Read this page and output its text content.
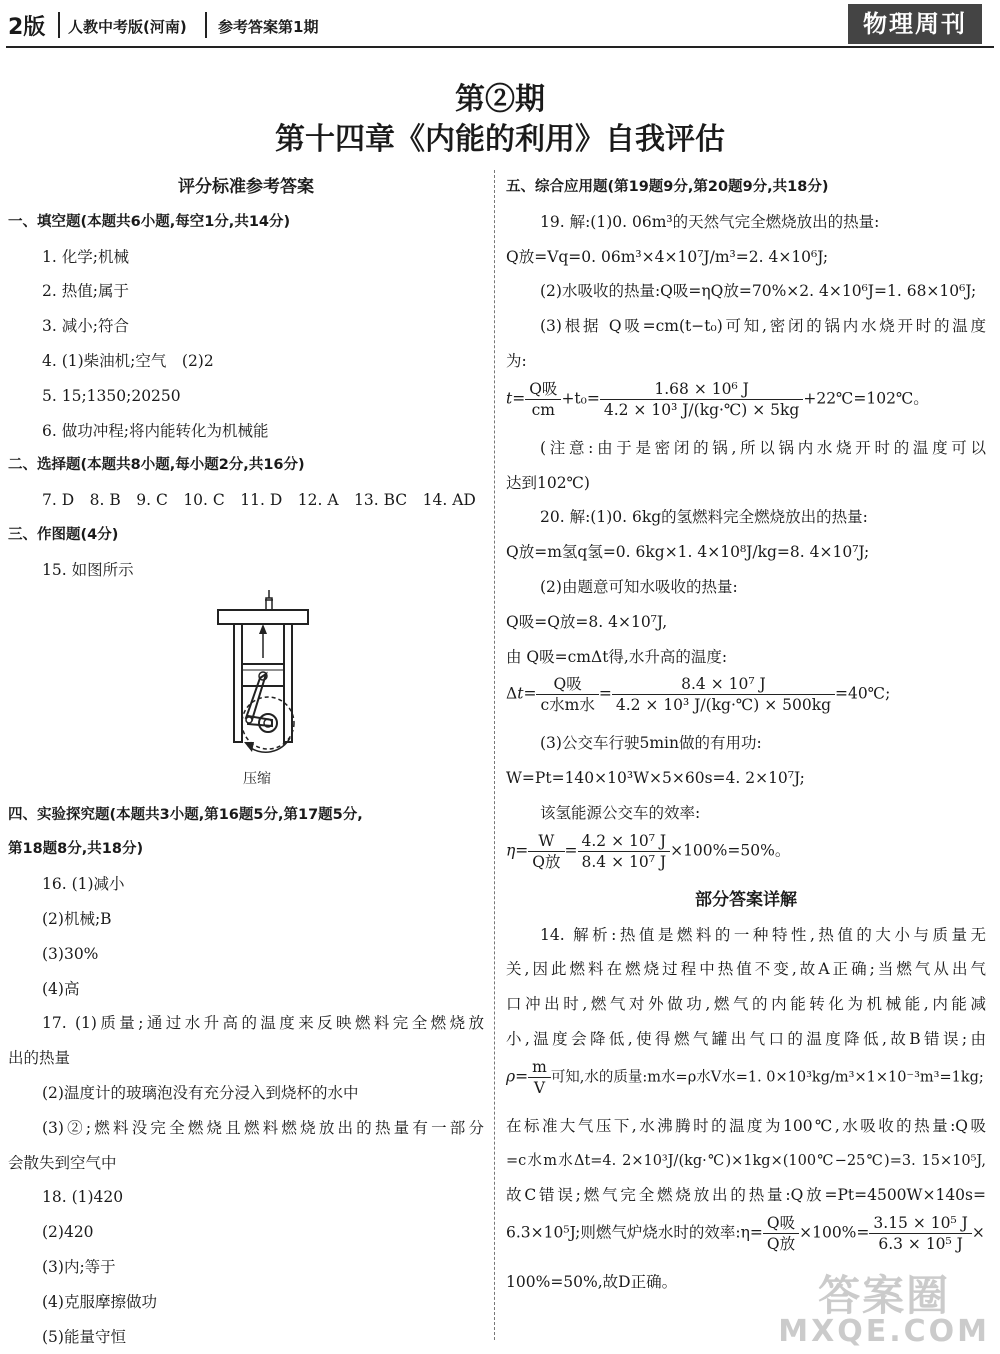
2版 人教中考版(河南) 参考答案第1期	物理周刊
第②期
第十四章《内能的利用》自我评估
评分标准参考答案
一、填空题(本题共6小题,每空1分,共14分)
1. 化学;机械
2. 热值;属于
3. 减小;符合
4. (1)柴油机;空气　(2)2
5. 15;1350;20250
6. 做功冲程;将内能转化为机械能
二、选择题(本题共8小题,每小题2分,共16分)
7. D　8. B　9. C　10. C　11. D　12. A　13. BC　14. AD
三、作图题(4分)
15. 如图所示
压缩
四、实验探究题(本题共3小题,第16题5分,第17题5分,
第18题8分,共18分)
16. (1)减小
(2)机械;B
(3)30%
(4)高
17. (1)质量;通过水升高的温度来反映燃料完全燃烧放
出的热量
(2)温度计的玻璃泡没有充分浸入到烧杯的水中
(3)②;燃料没完全燃烧且燃料燃烧放出的热量有一部分
会散失到空气中
18. (1)420
(2)420
(3)内;等于
(4)克服摩擦做功
(5)能量守恒
五、综合应用题(第19题9分,第20题9分,共18分)
19. 解:(1)0. 06m³的天然气完全燃烧放出的热量:
Q放=Vq=0. 06m³×4×10⁷J/m³=2. 4×10⁶J;
(2)水吸收的热量:Q吸=ηQ放=70%×2. 4×10⁶J=1. 68×10⁶J;
(3)根据 Q吸=cm(t−t₀)可知,密闭的锅内水烧开时的温度
为:
$t= \frac{\text{Q吸}}{cm} +t_0= \frac{\text{1.68 × 10⁶ J}}{\text{4.2 × 10³ J/(kg·℃) × 5kg}}$ +22℃=102℃。
(注意:由于是密闭的锅,所以锅内水烧开时的温度可以
达到102℃)
20. 解:(1)0. 6kg的氢燃料完全燃烧放出的热量:
Q放=m氢q氢=0. 6kg×1. 4×10⁸J/kg=8. 4×10⁷J;
(2)由题意可知水吸收的热量:
Q吸=Q放=8. 4×10⁷J,
由 Q吸=cmΔt得,水升高的温度:
$\Delta t= \frac{\text{Q吸}}{\text{c水m水}} = \frac{\text{8.4 × 10⁷ J}}{\text{4.2 × 10³ J/(kg·℃) × 500kg}}$ =40℃;
(3)公交车行驶5min做的有用功:
W=Pt=140×10³W×5×60s=4. 2×10⁷J;
该氢能源公交车的效率:
$\eta= \frac{W}{\text{Q放}} = \frac{\text{4.2 × 10⁷ J}}{\text{8.4 × 10⁷ J}} \times 100\%=50\%$。
部分答案详解
14. 解析:热值是燃料的一种特性,热值的大小与质量无
关,因此燃料在燃烧过程中热值不变,故A正确;当燃气从出气
口冲出时,燃气对外做功,燃气的内能转化为机械能,内能减
小,温度会降低,使得燃气罐出气口的温度降低,故B错误;由
$\rho= \frac{m}{V}$ 可知,水的质量:m水=ρ水V水=1. 0×10³kg/m³×1×10⁻³m³=1kg;
在标准大气压下,水沸腾时的温度为100℃,水吸收的热量:Q吸
=c水m水Δt=4. 2×10³J/(kg·℃)×1kg×(100℃−25℃)=3. 15×10⁵J,
故C错误;燃气完全燃烧放出的热量:Q放=Pt=4500W×140s=
6.3×10⁵J;则燃气炉烧水时的效率:η= $\frac{\text{Q吸}}{\text{Q放}} \times 100\%= \frac{\text{3.15 × 10⁵ J}}{\text{6.3 × 10⁵ J}}$ ×
100%=50%,故D正确。	答案圈
MXQE.COM
